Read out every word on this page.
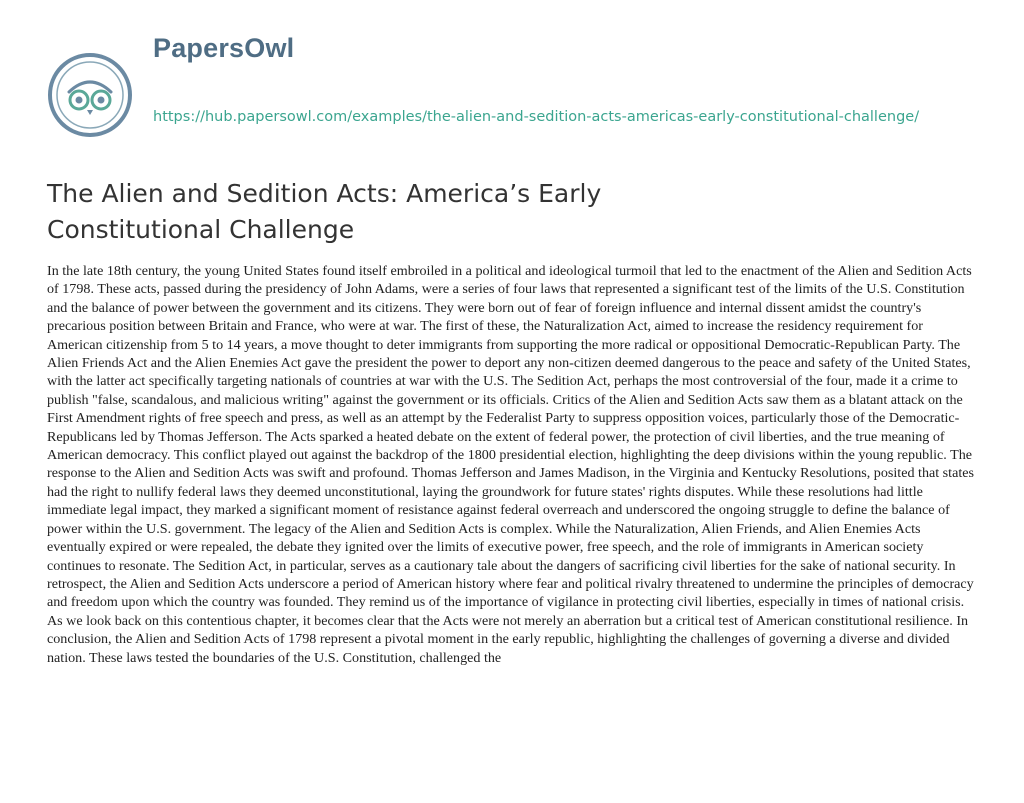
PapersOwl
https://hub.papersowl.com/examples/the-alien-and-sedition-acts-americas-early-constitutional-challenge/
The Alien and Sedition Acts: America’s Early Constitutional Challenge

In the late 18th century, the young United States found itself embroiled in a political and ideological turmoil that led to the enactment of the Alien and Sedition Acts of 1798. These acts, passed during the presidency of John Adams, were a series of four laws that represented a significant test of the limits of the U.S. Constitution and the balance of power between the government and its citizens. They were born out of fear of foreign influence and internal dissent amidst the country's precarious position between Britain and France, who were at war. The first of these, the Naturalization Act, aimed to increase the residency requirement for American citizenship from 5 to 14 years, a move thought to deter immigrants from supporting the more radical or oppositional Democratic-Republican Party. The Alien Friends Act and the Alien Enemies Act gave the president the power to deport any non-citizen deemed dangerous to the peace and safety of the United States, with the latter act specifically targeting nationals of countries at war with the U.S. The Sedition Act, perhaps the most controversial of the four, made it a crime to publish "false, scandalous, and malicious writing" against the government or its officials. Critics of the Alien and Sedition Acts saw them as a blatant attack on the First Amendment rights of free speech and press, as well as an attempt by the Federalist Party to suppress opposition voices, particularly those of the Democratic-Republicans led by Thomas Jefferson. The Acts sparked a heated debate on the extent of federal power, the protection of civil liberties, and the true meaning of American democracy. This conflict played out against the backdrop of the 1800 presidential election, highlighting the deep divisions within the young republic. The response to the Alien and Sedition Acts was swift and profound. Thomas Jefferson and James Madison, in the Virginia and Kentucky Resolutions, posited that states had the right to nullify federal laws they deemed unconstitutional, laying the groundwork for future states' rights disputes. While these resolutions had little immediate legal impact, they marked a significant moment of resistance against federal overreach and underscored the ongoing struggle to define the balance of power within the U.S. government. The legacy of the Alien and Sedition Acts is complex. While the Naturalization, Alien Friends, and Alien Enemies Acts eventually expired or were repealed, the debate they ignited over the limits of executive power, free speech, and the role of immigrants in American society continues to resonate. The Sedition Act, in particular, serves as a cautionary tale about the dangers of sacrificing civil liberties for the sake of national security. In retrospect, the Alien and Sedition Acts underscore a period of American history where fear and political rivalry threatened to undermine the principles of democracy and freedom upon which the country was founded. They remind us of the importance of vigilance in protecting civil liberties, especially in times of national crisis. As we look back on this contentious chapter, it becomes clear that the Acts were not merely an aberration but a critical test of American constitutional resilience. In conclusion, the Alien and Sedition Acts of 1798 represent a pivotal moment in the early republic, highlighting the challenges of governing a diverse and divided nation. These laws tested the boundaries of the U.S. Constitution, challenged the
